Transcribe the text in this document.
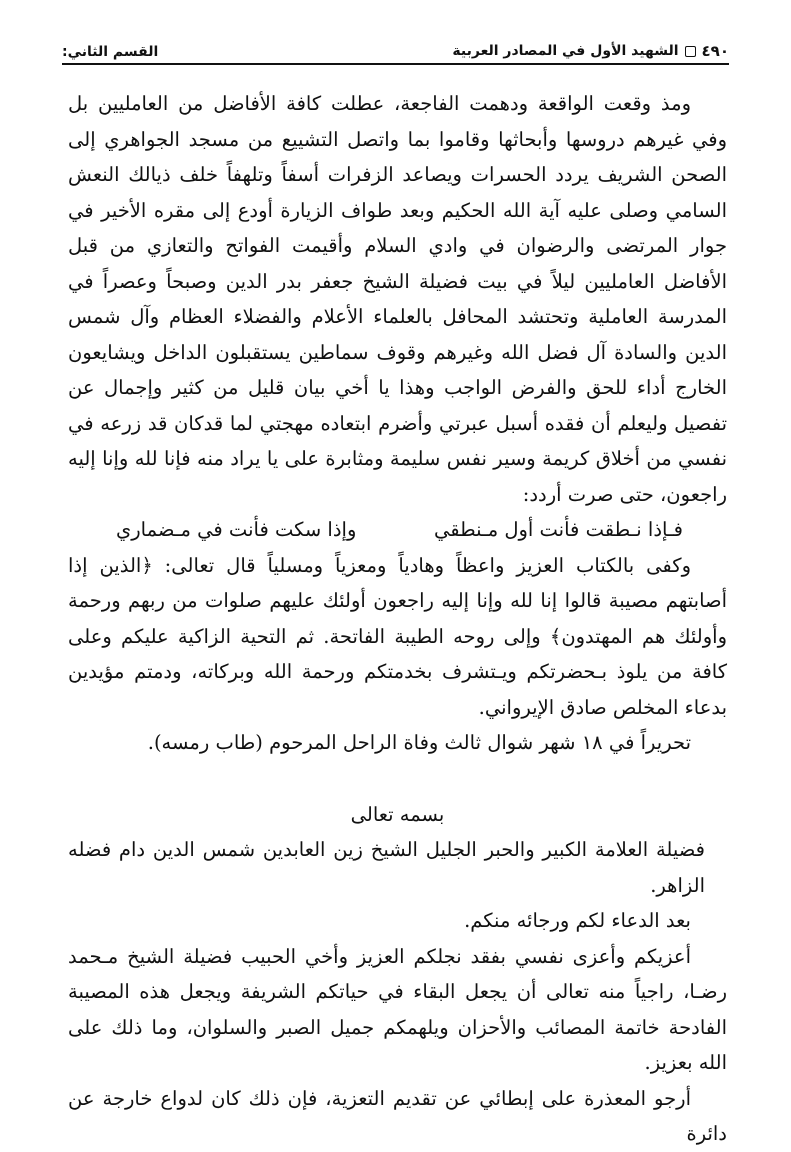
٤٩٠
الشهيد الأول في المصادر العربية
القسم الثاني:

ومذ وقعت الواقعة ودهمت الفاجعة، عطلت كافة الأفاضل من العامليين بل وفي غيرهم دروسها وأبحاثها وقاموا بما واتصل التشييع من مسجد الجواهري إلى الصحن الشريف يردد الحسرات ويصاعد الزفرات أسفاً وتلهفاً خلف ذيالك النعش السامي وصلى عليه آية الله الحكيم وبعد طواف الزيارة أودع إلى مقره الأخير في جوار المرتضى والرضوان في وادي السلام وأقيمت الفواتح والتعازي من قبل الأفاضل العامليين ليلاً في بيت فضيلة الشيخ جعفر بدر الدين وصبحاً وعصراً في المدرسة العاملية وتحتشد المحافل بالعلماء الأعلام والفضلاء العظام وآل شمس الدين والسادة آل فضل الله وغيرهم وقوف سماطين يستقبلون الداخل ويشايعون الخارج أداء للحق والفرض الواجب وهذا يا أخي بيان قليل من كثير وإجمال عن تفصيل وليعلم أن فقده أسبل عبرتي وأضرم ابتعاده مهجتي لما قدكان قد زرعه في نفسي من أخلاق كريمة وسير نفس سليمة ومثابرة على يا يراد منه فإنا لله وإنا إليه راجعون، حتى صرت أردد:

فـإذا نـطقت فأنت أول مـنطقي
وإذا سكت فأنت في مـضماري

وكفى بالكتاب العزيز واعظاً وهادياً ومعزياً ومسلياً قال تعالى: ﴿الذين إذا أصابتهم مصيبة قالوا إنا لله وإنا إليه راجعون أولئك عليهم صلوات من ربهم ورحمة وأولئك هم المهتدون﴾ وإلى روحه الطيبة الفاتحة. ثم التحية الزاكية عليكم وعلى كافة من يلوذ بـحضرتكم ويـتشرف بخدمتكم ورحمة الله وبركاته، ودمتم مؤيدين بدعاء المخلص صادق الإيرواني.

تحريراً في ١٨ شهر شوال ثالث وفاة الراحل المرحوم (طاب رمسه).

بسمه تعالى

فضيلة العلامة الكبير والحبر الجليل الشيخ زين العابدين شمس الدين دام فضله الزاهر.

بعد الدعاء لكم ورجائه منكم.

أعزيكم وأعزى نفسي بفقد نجلكم العزيز وأخي الحبيب فضيلة الشيخ مـحمد رضـا، راجياً منه تعالى أن يجعل البقاء في حياتكم الشريفة ويجعل هذه المصيبة الفادحة خاتمة المصائب والأحزان ويلهمكم جميل الصبر والسلوان، وما ذلك على الله بعزيز.

أرجو المعذرة على إبطائي عن تقديم التعزية، فإن ذلك كان لدواع خارجة عن دائرة
